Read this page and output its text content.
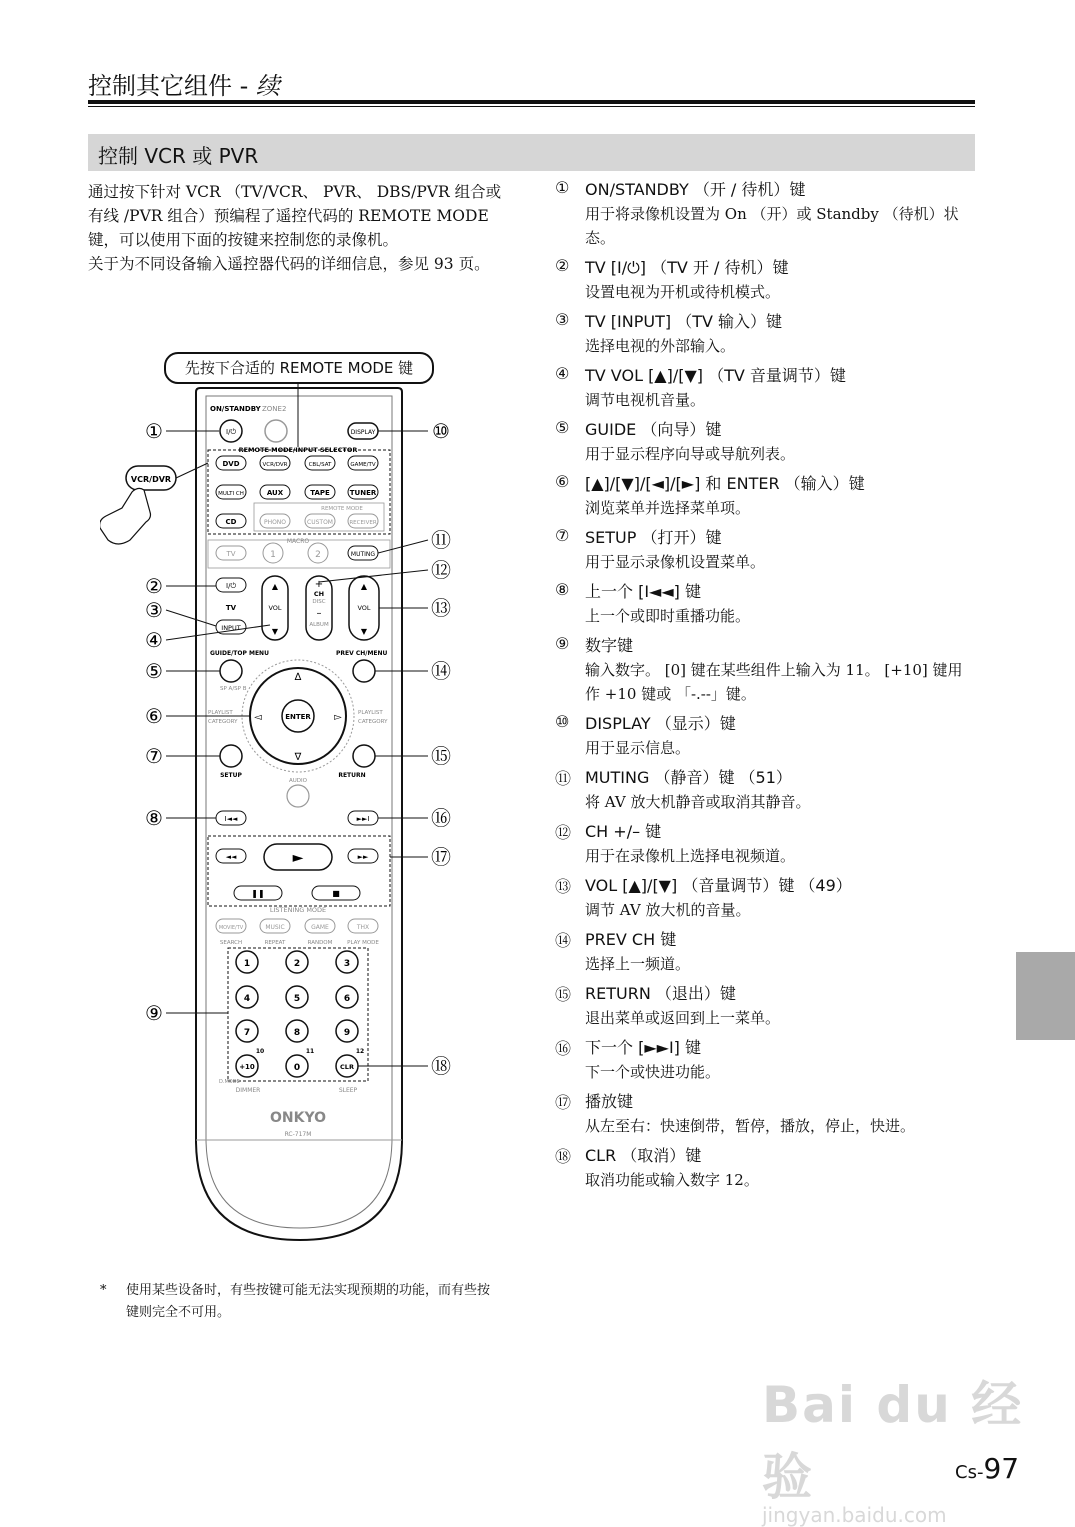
控制其它组件 - 续
控制 VCR 或 PVR

通过按下针对 VCR （TV/VCR、 PVR、 DBS/PVR 组合或有线 /PVR 组合）预编程了遥控代码的 REMOTE MODE 键，可以使用下面的按键来控制您的录像机。

关于为不同设备输入遥控器代码的详细信息，参见 93 页。

ON/STANDBY ZONE2
I/⏻	DISPLAY
REMOTE MODE/INPUT SELECTOR
DVD	VCR/DVR	CBL/SAT	GAME/TV
MULTI CH	AUX	TAPE	TUNER
CD	PHONO	CUSTOM	RECEIVER
REMOTE MODE
MACRO
TV	1	2	MUTING
I/⏻
TV
INPUT
▲
VOL
▼
+
CH
DISC
–
ALBUM
▲
VOL
▼
GUIDE/TOP MENU	PREV CH/MENU
SP A/SP B
ENTER
∆
∇
◅	▻
PLAYLIST
CATEGORY
PLAYLIST
CATEGORY
SETUP	RETURN
AUDIO
I◄◄	►►I
◄◄	►	►►
❚❚	■
LISTENING MODE
MOVIE/TV	MUSIC	GAME	THX
SEARCH	REPEAT	RANDOM	PLAY MODE
1	2	3
4	5	6
7	8	9
+10	0	CLR
10	11	12
D.MODE
DIMMER	SLEEP
ONKYO
RC-717M
VCR/DVR
①
②
③
④
⑤
⑥
⑦
⑧
⑨
⑩
⑪
⑫
⑬
⑭
⑮
⑯
⑰
⑱
先按下合适的 REMOTE MODE 键
① ON/STANDBY （开 / 待机）键
用于将录像机设置为 On （开）或 Standby （待机）状态。
② TV [I/⏻] （TV 开 / 待机）键
设置电视为开机或待机模式。
③ TV [INPUT] （TV 输入）键
选择电视的外部输入。
④ TV VOL [▲]/[▼] （TV 音量调节）键
调节电视机音量。
⑤ GUIDE （向导）键
用于显示程序向导或导航列表。
⑥ [▲]/[▼]/[◄]/[►] 和 ENTER （输入）键
浏览菜单并选择菜单项。
⑦ SETUP （打开）键
用于显示录像机设置菜单。
⑧ 上一个 [I◄◄] 键
上一个或即时重播功能。
⑨ 数字键
输入数字。 [0] 键在某些组件上输入为 11。 [+10] 键用作 +10 键或 「-.--」键。
⑩ DISPLAY （显示）键
用于显示信息。
⑪ MUTING （静音）键 （51）
将 AV 放大机静音或取消其静音。
⑫ CH +/– 键
用于在录像机上选择电视频道。
⑬ VOL [▲]/[▼] （音量调节）键 （49）
调节 AV 放大机的音量。
⑭ PREV CH 键
选择上一频道。
⑮ RETURN （退出）键
退出菜单或返回到上一菜单。
⑯ 下一个 [►►I] 键
下一个或快进功能。
⑰ 播放键
从左至右：快速倒带，暂停，播放，停止，快进。
⑱ CLR （取消）键
取消功能或输入数字 12。
*	使用某些设备时，有些按键可能无法实现预期的功能，而有些按键则完全不可用。
Bai du 经验
jingyan.baidu.com
Cs-97
